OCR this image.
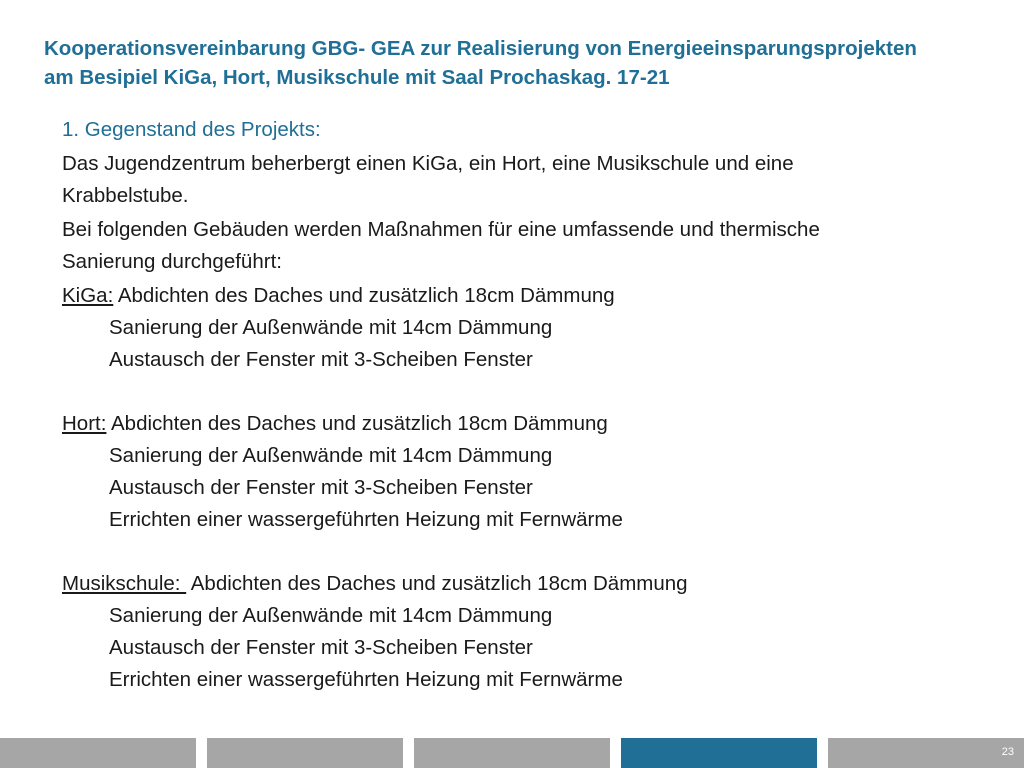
Kooperationsvereinbarung GBG- GEA zur Realisierung von Energieeinsparungsprojekten
am Besipiel KiGa, Hort, Musikschule mit Saal Prochaskag. 17-21
1. Gegenstand des Projekts:
Das Jugendzentrum beherbergt einen KiGa, ein Hort, eine Musikschule und eine
Krabbelstube.
Bei folgenden Gebäuden werden Maßnahmen für eine umfassende und thermische
Sanierung durchgeführt:
KiGa: Abdichten des Daches und zusätzlich 18cm Dämmung
Sanierung der Außenwände mit 14cm Dämmung
Austausch der Fenster mit 3-Scheiben Fenster
Hort: Abdichten des Daches und zusätzlich 18cm Dämmung
Sanierung der Außenwände mit 14cm Dämmung
Austausch der Fenster mit 3-Scheiben Fenster
Errichten einer wassergeführten Heizung mit Fernwärme
Musikschule:  Abdichten des Daches und zusätzlich 18cm Dämmung
Sanierung der Außenwände mit 14cm Dämmung
Austausch der Fenster mit 3-Scheiben Fenster
Errichten einer wassergeführten Heizung mit Fernwärme
23
